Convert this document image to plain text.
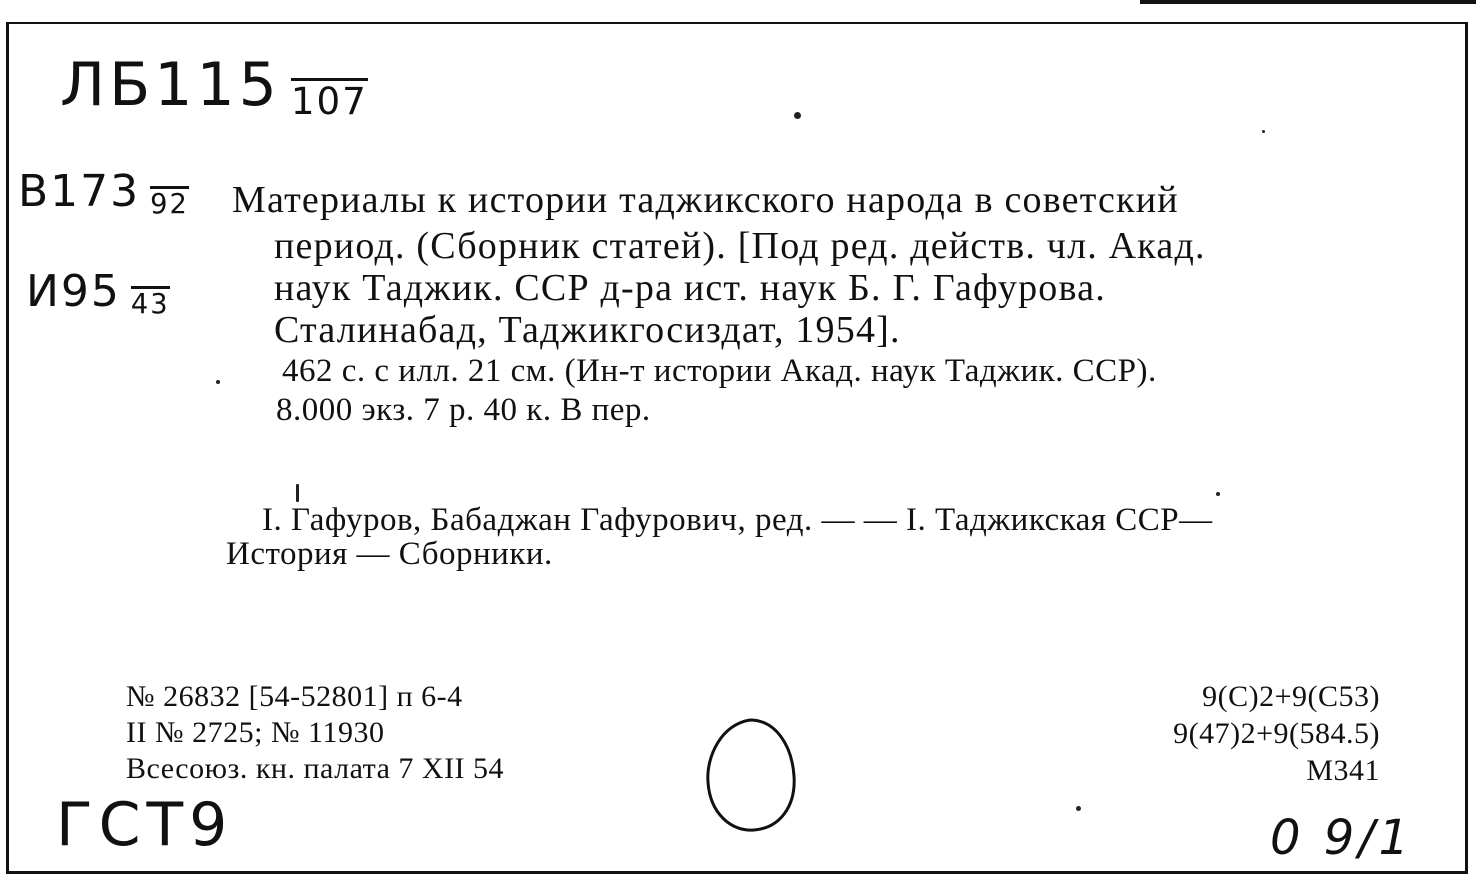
ЛБ115 107
В173 92
И95 43
Материалы к истории таджикского народа в советский
период. (Сборник статей). [Под ред. действ. чл. Акад.
наук Таджик. ССР д-ра ист. наук Б. Г. Гафурова.
Сталинабад, Таджикгосиздат, 1954].
462 с. с илл. 21 см. (Ин-т истории Акад. наук Таджик. ССР).
8.000 экз. 7 р. 40 к. В пер.
I. Гафуров, Бабаджан Гафурович, ред. — — I. Таджикская ССР—
История — Сборники.
№ 26832 [54-52801] п 6-4
II № 2725; № 11930
Всесоюз. кн. палата 7 XII 54
9(С)2+9(С53)
9(47)2+9(584.5)
М341
ГСТ9	0 9/1
